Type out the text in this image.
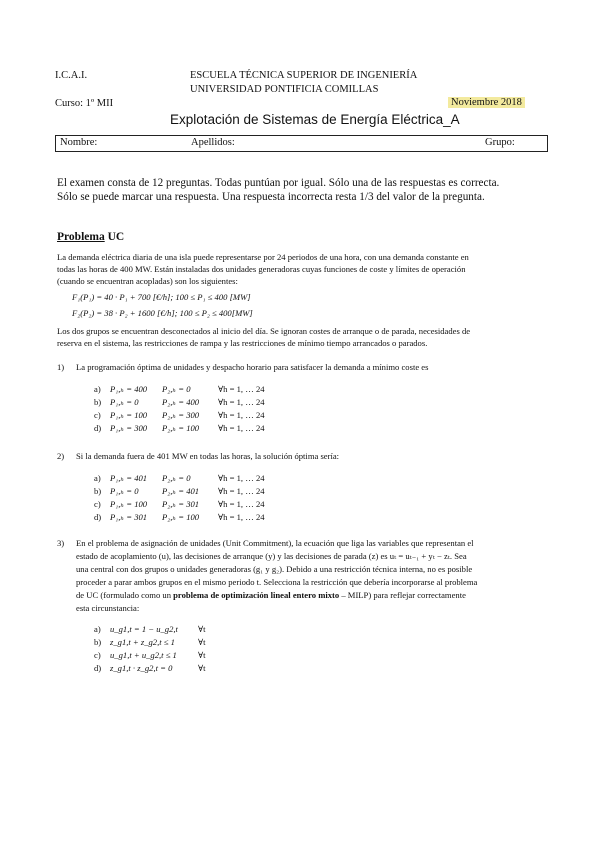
I.C.A.I.	ESCUELA TÉCNICA SUPERIOR DE INGENIERÍA
UNIVERSIDAD PONTIFICIA COMILLAS
Curso: 1º MII	Noviembre 2018
Explotación de Sistemas de Energía Eléctrica_A
Nombre:	Apellidos:	Grupo:
El examen consta de 12 preguntas. Todas puntúan por igual. Sólo una de las respuestas es correcta.
Sólo se puede marcar una respuesta. Una respuesta incorrecta resta 1/3 del valor de la pregunta.
Problema UC
La demanda eléctrica diaria de una isla puede representarse por 24 periodos de una hora, con una demanda constante en
todas las horas de 400 MW. Están instaladas dos unidades generadoras cuyas funciones de coste y límites de operación
(cuando se encuentran acopladas) son los siguientes:
F₁(P₁) = 40 · P₁ + 700 [€/h]; 100 ≤ P₁ ≤ 400 [MW]
F₂(P₂) = 38 · P₂ + 1600 [€/h]; 100 ≤ P₂ ≤ 400[MW]
Los dos grupos se encuentran desconectados al inicio del día. Se ignoran costes de arranque o de parada, necesidades de
reserva en el sistema, las restricciones de rampa y las restricciones de mínimo tiempo arrancados o parados.
1) La programación óptima de unidades y despacho horario para satisfacer la demanda a mínimo coste es
a) P₁,ₕ = 400 P₂,ₕ = 0	∀h = 1, … 24
b) P₁,ₕ = 0	P₂,ₕ = 400 ∀h = 1, … 24
c) P₁,ₕ = 100 P₂,ₕ = 300 ∀h = 1, … 24
d) P₁,ₕ = 300 P₂,ₕ = 100 ∀h = 1, … 24
2) Si la demanda fuera de 401 MW en todas las horas, la solución óptima sería:
a) P₁,ₕ = 401 P₂,ₕ = 0	∀h = 1, … 24
b) P₁,ₕ = 0	P₂,ₕ = 401 ∀h = 1, … 24
c) P₁,ₕ = 100 P₂,ₕ = 301 ∀h = 1, … 24
d) P₁,ₕ = 301 P₂,ₕ = 100 ∀h = 1, … 24
3) En el problema de asignación de unidades (Unit Commitment), la ecuación que liga las variables que representan el
estado de acoplamiento (u), las decisiones de arranque (y) y las decisiones de parada (z) es uₜ = uₜ₋₁ + yₜ − zₜ. Sea
una central con dos grupos o unidades generadoras (g₁ y g₂). Debido a una restricción técnica interna, no es posible
proceder a parar ambos grupos en el mismo periodo t. Selecciona la restricción que debería incorporarse al problema
de UC (formulado como un problema de optimización lineal entero mixto – MILP) para reflejar correctamente
esta circunstancia:
a) u_g1,t = 1 − u_g2,t ∀t
b) z_g1,t + z_g2,t ≤ 1	∀t
c) u_g1,t + u_g2,t ≤ 1 ∀t
d) z_g1,t · z_g2,t = 0	∀t
